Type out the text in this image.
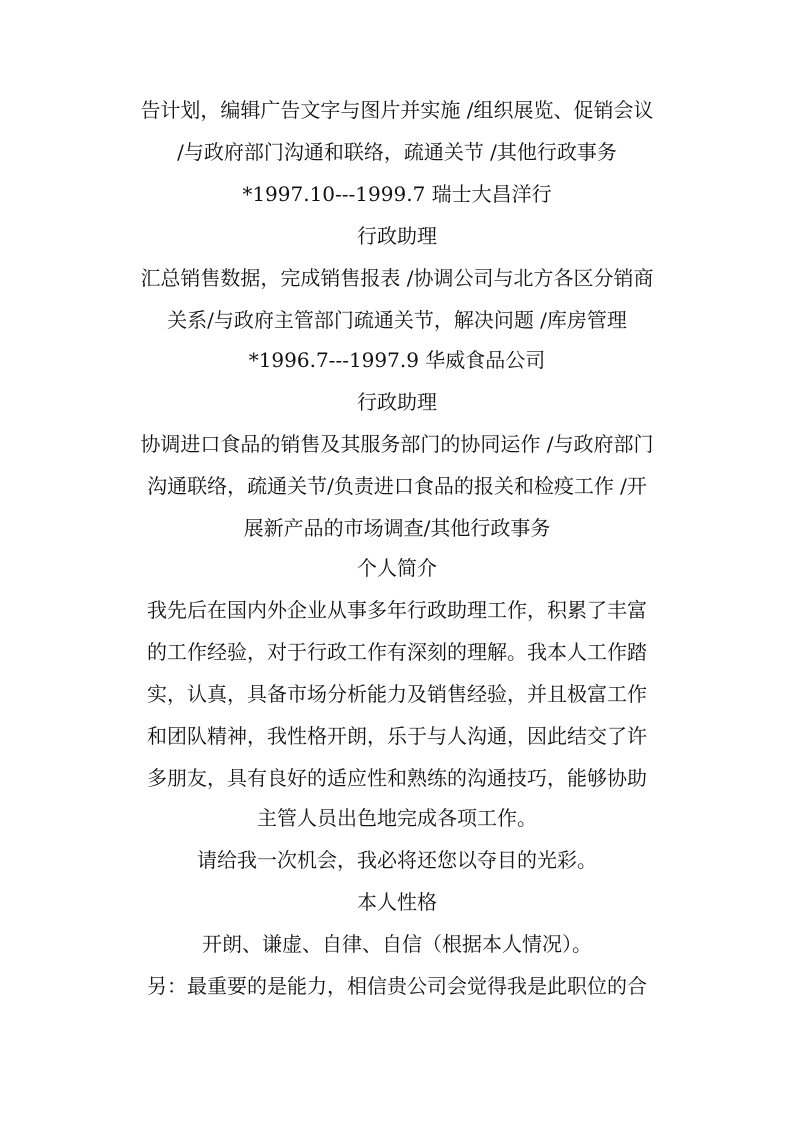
告计划，编辑广告文字与图片并实施 /组织展览、促销会议
/与政府部门沟通和联络，疏通关节 /其他行政事务
*1997.10---1999.7 瑞士大昌洋行
行政助理
汇总销售数据，完成销售报表 /协调公司与北方各区分销商
关系/与政府主管部门疏通关节，解决问题 /库房管理
*1996.7---1997.9 华威食品公司
行政助理
协调进口食品的销售及其服务部门的协同运作 /与政府部门
沟通联络，疏通关节/负责进口食品的报关和检疫工作 /开
展新产品的市场调查/其他行政事务
个人简介
我先后在国内外企业从事多年行政助理工作，积累了丰富
的工作经验，对于行政工作有深刻的理解。我本人工作踏
实，认真，具备市场分析能力及销售经验，并且极富工作
和团队精神，我性格开朗，乐于与人沟通，因此结交了许
多朋友，具有良好的适应性和熟练的沟通技巧，能够协助
主管人员出色地完成各项工作。
请给我一次机会，我必将还您以夺目的光彩。
本人性格
开朗、谦虚、自律、自信（根据本人情况）。
另：最重要的是能力，相信贵公司会觉得我是此职位的合
